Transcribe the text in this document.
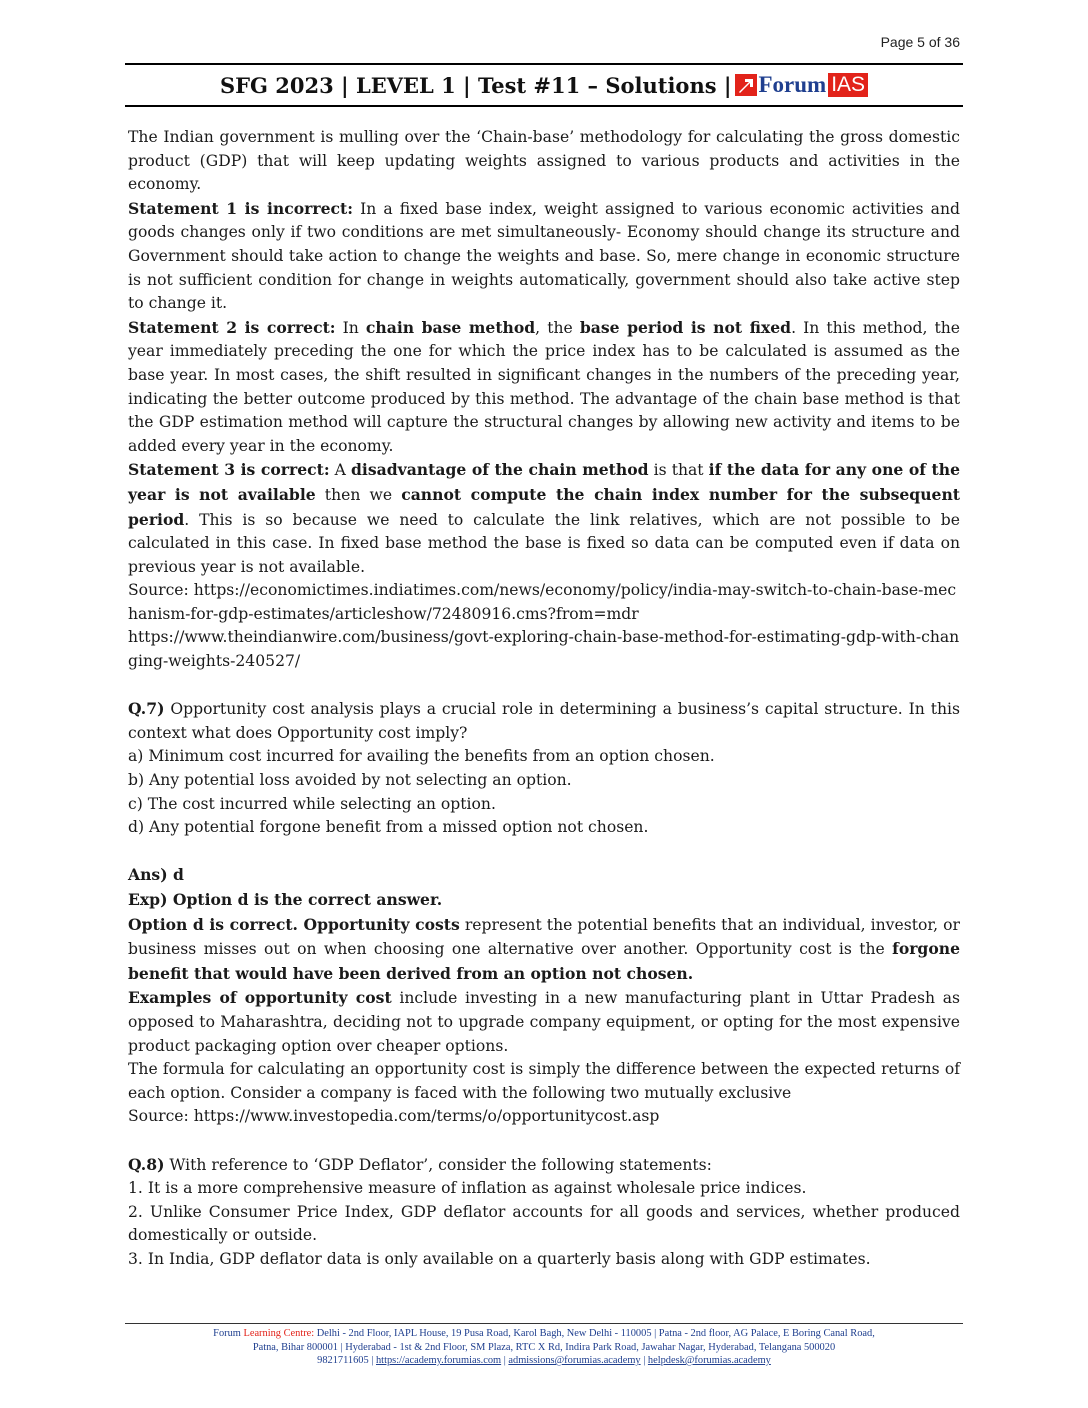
Page 5 of 36
SFG 2023 | LEVEL 1 | Test #11 – Solutions | Forum IAS

The Indian government is mulling over the ‘Chain-base’ methodology for calculating the gross domestic product (GDP) that will keep updating weights assigned to various products and activities in the economy.

Statement 1 is incorrect: In a fixed base index, weight assigned to various economic activities and goods changes only if two conditions are met simultaneously- Economy should change its structure and Government should take action to change the weights and base. So, mere change in economic structure is not sufficient condition for change in weights automatically, government should also take active step to change it.

Statement 2 is correct: In chain base method, the base period is not fixed. In this method, the year immediately preceding the one for which the price index has to be calculated is assumed as the base year. In most cases, the shift resulted in significant changes in the numbers of the preceding year, indicating the better outcome produced by this method. The advantage of the chain base method is that the GDP estimation method will capture the structural changes by allowing new activity and items to be added every year in the economy.

Statement 3 is correct: A disadvantage of the chain method is that if the data for any one of the year is not available then we cannot compute the chain index number for the subsequent period. This is so because we need to calculate the link relatives, which are not possible to be calculated in this case. In fixed base method the base is fixed so data can be computed even if data on previous year is not available.

Source: https://economictimes.indiatimes.com/news/economy/policy/india-may-switch-to-chain-base-mechanism-for-gdp-estimates/articleshow/72480916.cms?from=mdr

https://www.theindianwire.com/business/govt-exploring-chain-base-method-for-estimating-gdp-with-changing-weights-240527/

Q.7) Opportunity cost analysis plays a crucial role in determining a business’s capital structure. In this context what does Opportunity cost imply?

a) Minimum cost incurred for availing the benefits from an option chosen.

b) Any potential loss avoided by not selecting an option.

c) The cost incurred while selecting an option.

d) Any potential forgone benefit from a missed option not chosen.

Ans) d

Exp) Option d is the correct answer.

Option d is correct. Opportunity costs represent the potential benefits that an individual, investor, or business misses out on when choosing one alternative over another. Opportunity cost is the forgone benefit that would have been derived from an option not chosen.

Examples of opportunity cost include investing in a new manufacturing plant in Uttar Pradesh as opposed to Maharashtra, deciding not to upgrade company equipment, or opting for the most expensive product packaging option over cheaper options.

The formula for calculating an opportunity cost is simply the difference between the expected returns of each option. Consider a company is faced with the following two mutually exclusive

Source: https://www.investopedia.com/terms/o/opportunitycost.asp

Q.8) With reference to ‘GDP Deflator’, consider the following statements:

1. It is a more comprehensive measure of inflation as against wholesale price indices.

2. Unlike Consumer Price Index, GDP deflator accounts for all goods and services, whether produced domestically or outside.

3. In India, GDP deflator data is only available on a quarterly basis along with GDP estimates.

Forum Learning Centre: Delhi - 2nd Floor, IAPL House, 19 Pusa Road, Karol Bagh, New Delhi - 110005 | Patna - 2nd floor, AG Palace, E Boring Canal Road,
Patna, Bihar 800001 | Hyderabad - 1st & 2nd Floor, SM Plaza, RTC X Rd, Indira Park Road, Jawahar Nagar, Hyderabad, Telangana 500020
9821711605 | https://academy.forumias.com | admissions@forumias.academy | helpdesk@forumias.academy
